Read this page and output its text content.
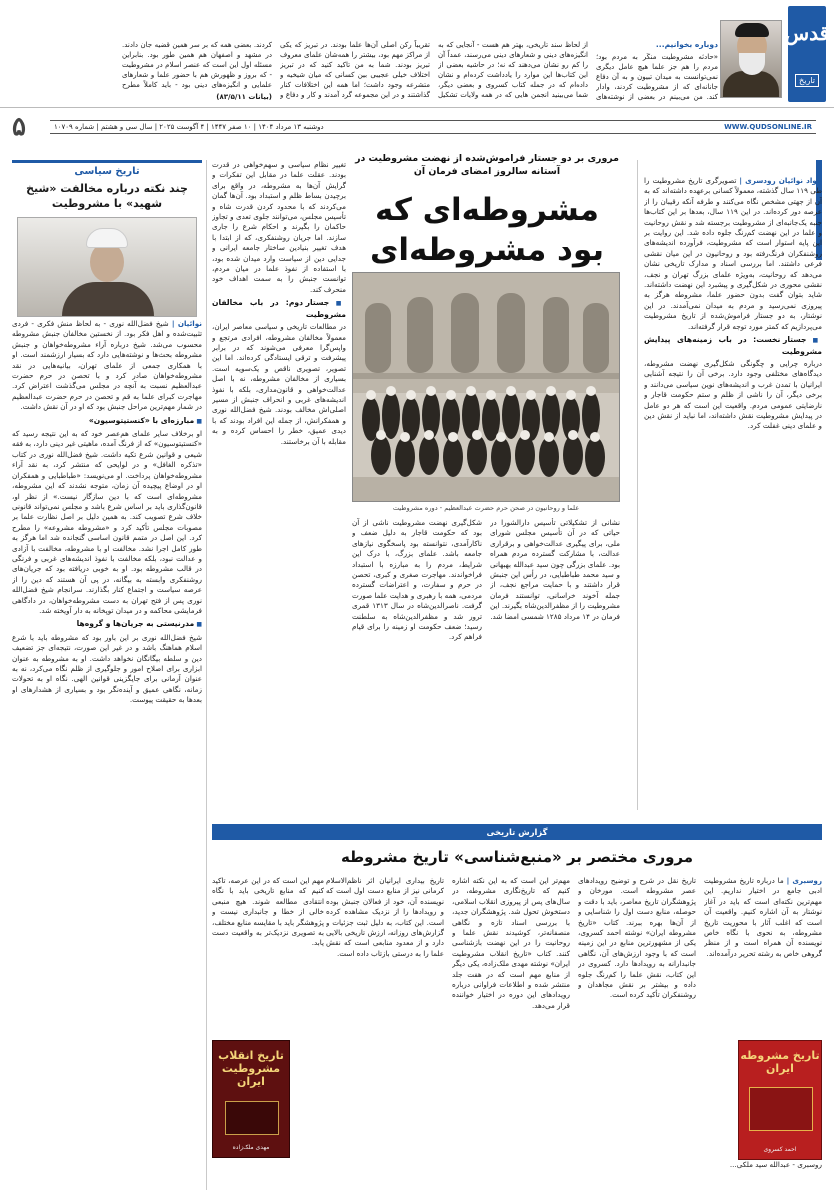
قدس
تاریخ
دوباره بخوانیم...
«حادثه مشروطیت منکَر به مردم بود؛ مردم را هم جز علما هیچ عامل دیگری نمی‌توانست به میدان تبیون و به آن دفاع جانانه‌ای که از مشروطیت کردند، وادار کند. من می‌بینم در بعضی از نوشته‌های
از لحاظ سند تاریخی، بهتر هم هست - آنجایی که به انگیزه‌های دینی و شعارهای دینی می‌رسند، عمداً آن را کم رو نشان می‌دهند که نه؛ در حاشیه بعضی از این کتاب‌ها این موارد را یادداشت کرده‌ام و نشان داده‌ام که در جمله کتاب کسروی و بعضی دیگر، شما می‌بینید انجمن هایی که در همه ولایات تشکیل
تقریباً رکن اصلی آن‌ها علما بودند. در تبریز که یکی از مراکز مهم بود، بیشتر را همه‌شان علمای معروف تبریز بودند. شما به من تاکید کنید که در تبریز اختلاف خیلی عجیبی بین کسانی که میان شیخیه و متشرعه وجود داشت؛ اما همه این اختلافات کنار گذاشتند و در این مجموعه گرد آمدند و کار و دفاع و
کردند. بعضی همه که بر سر همین قضیه جان دادند. در مشهد و اصفهان هم همین طور بود. بنابراین مسئله اول این است که عنصر اسلام در مشروطیت - که بروز و ظهورش هم با حضور علما و شعارهای علمایی و انگیزه‌های دینی بود - باید کاملاً مطرح
(بیانات ۸۳/۵/۱۱)
۵	WWW.QUDSONLINE.IR
دوشنبه ۱۳ مرداد ۱۴۰۴ | ۱۰ صفر ۱۴۴۷ | ۴ آگوست ۲۰۲۵ | سال سی و هشتم | شماره ۱۰۷۰۹
تاریخ سیاسی
چند نکته درباره مخالفت «شیخ شهید» با مشروطیت

نوائیان | شیخ فضل‌الله نوری - به لحاظ منش فکری - فردی تثبیت‌شده و اهل فکر بود. از نخستین مخالفان جنبش مشروطه محسوب می‌شد. شیخ درباره آراء مشروطه‌خواهان و جنبش مشروطه بحث‌ها و نوشته‌هایی دارد که بسیار ارزشمند است. او با همکاری جمعی از علمای تهران، بیانیه‌هایی در نقد مشروطه‌خواهان صادر کرد و با تحصن در حرم حضرت عبدالعظیم نسبت به آنچه در مجلس می‌گذشت اعتراض کرد. مهاجرت کبرای علما به قم و تحصن در حرم حضرت عبدالعظیم در شمار مهم‌ترین مراحل جنبش بود که او در آن نقش داشت.

■ مبارزه‌ای با «کنستیتوسیون»

او برخلاف سایر علمای هم‌عصر خود که به این نتیجه رسید که «کنستیتوسیون» که از فرنگ آمده، ماهیتی غیر دینی دارد، به فقه شیعی و قوانین شرع تکیه داشت. شیخ فضل‌الله نوری در کتاب «تذکره الغافل» و در لوایحی که منتشر کرد، به نقد آراء مشروطه‌خواهان پرداخت. او می‌نویسد: «طباطبایی و همفکران او در اوضاع پیچیده آن زمان، متوجه نشدند که این مشروطه، مشروطه‌ای است که با دین سازگار نیست.» از نظر او، قانون‌گذاری باید بر اساس شرع باشد و مجلس نمی‌تواند قانونی خلاف شرع تصویب کند. به همین دلیل بر اصل نظارت علما بر مصوبات مجلس تأکید کرد و «مشروطه مشروعه» را مطرح کرد. این اصل در متمم قانون اساسی گنجانده شد اما هرگز به طور کامل اجرا نشد. مخالفت او با مشروطه، مخالفت با آزادی و عدالت نبود، بلکه مخالفت با نفوذ اندیشه‌های غربی و فرنگی در قالب مشروطه بود. او به خوبی دریافته بود که جریان‌های روشنفکری وابسته به بیگانه، در پی آن هستند که دین را از عرصه سیاست و اجتماع کنار بگذارند. سرانجام شیخ فضل‌الله نوری پس از فتح تهران به دست مشروطه‌خواهان، در دادگاهی فرمایشی محاکمه و در میدان توپخانه به دار آویخته شد.

■ مدرنیستی به جریان‌ها و گروه‌ها

شیخ فضل‌الله نوری بر این باور بود که مشروطه باید با شرع اسلام هماهنگ باشد و در غیر این صورت، نتیجه‌ای جز تضعیف دین و سلطه بیگانگان نخواهد داشت. او به مشروطه به عنوان ابزاری برای اصلاح امور و جلوگیری از ظلم نگاه می‌کرد، نه به عنوان آرمانی برای جایگزینی قوانین الهی. نگاه او به تحولات زمانه، نگاهی عمیق و آینده‌نگر بود و بسیاری از هشدارهای او بعدها به حقیقت پیوست.

جواد نوائیان رودسری | تصویرگری تاریخ مشروطیت را طی ۱۱۹ سال گذشته، معمولاً کسانی برعهده داشته‌اند که به آن از جهتی مشخص نگاه می‌کنند و طرفه آنکه رقیبان را از عرصه دور کرده‌اند. در این ۱۱۹ سال، بعدها بر این کتاب‌ها جنبه یک‌جانبه‌ای از مشروطیت برجسته شد و نقش روحانیت و علما در این نهضت کم‌رنگ جلوه داده شد. این روایت بر این پایه استوار است که مشروطیت، فرآورده اندیشه‌های روشنفکران فرنگ‌رفته بود و روحانیون در این میان نقشی فرعی داشتند. اما بررسی اسناد و مدارک تاریخی نشان می‌دهد که روحانیت، به‌ویژه علمای بزرگ تهران و نجف، نقشی محوری در شکل‌گیری و پیشبرد این نهضت داشته‌اند. شاید بتوان گفت بدون حضور علما، مشروطه هرگز به پیروزی نمی‌رسید و مردم به میدان نمی‌آمدند. در این نوشتار، به دو جستار فراموش‌شده از تاریخ مشروطیت می‌پردازیم که کمتر مورد توجه قرار گرفته‌اند.

■ جستار نخست: در باب زمینه‌های پیدایش مشروطیت

درباره چرایی و چگونگی شکل‌گیری نهضت مشروطه، دیدگاه‌های مختلفی وجود دارد. برخی آن را نتیجه آشنایی ایرانیان با تمدن غرب و اندیشه‌های نوین سیاسی می‌دانند و برخی دیگر، آن را ناشی از ظلم و ستم حکومت قاجار و نارضایتی عمومی مردم. واقعیت این است که هر دو عامل در پیدایش مشروطیت نقش داشته‌اند، اما نباید از نقش دین و علمای دینی غفلت کرد.

مروری بر دو جستار فراموش‌شده از نهضت مشروطیت در آستانه سالروز امضای فرمان آن
مشروطه‌ای که بود مشروطه‌ای

تغییر نظام سیاسی و سهم‌خواهی در قدرت بودند. عقلت علما در مقابل این تفکرات و گرایش آن‌ها به مشروطه، در واقع برای برچیدن بساط ظلم و استبداد بود. آن‌ها گمان می‌کردند که با محدود کردن قدرت شاه و تأسیس مجلس، می‌توانند جلوی تعدی و تجاوز حاکمان را بگیرند و احکام شرع را جاری سازند. اما جریان روشنفکری، که از ابتدا با هدف تغییر بنیادین ساختار جامعه ایرانی و جدایی دین از سیاست وارد میدان شده بود، با استفاده از نفوذ علما در میان مردم، توانست جنبش را به سمت اهداف خود منحرف کند.

■ جستار دوم: در باب مخالفان مشروطیت

در مطالعات تاریخی و سیاسی معاصر ایران، معمولاً مخالفان مشروطه، افرادی مرتجع و واپس‌گرا معرفی می‌شوند که در برابر پیشرفت و ترقی ایستادگی کرده‌اند. اما این تصویر، تصویری ناقص و یک‌سویه است. بسیاری از مخالفان مشروطه، نه با اصل عدالت‌خواهی و قانون‌مداری، بلکه با نفوذ اندیشه‌های غربی و انحراف جنبش از مسیر اصلی‌اش مخالف بودند. شیخ فضل‌الله نوری و همفکرانش، از جمله این افراد بودند که با دیدی عمیق، خطر را احساس کرده و به مقابله با آن برخاستند.

علما و روحانیون در صحن حرم حضرت عبدالعظیم - دوره مشروطیت

شکل‌گیری نهضت مشروطیت ناشی از آن بود که حکومت قاجار به دلیل ضعف و ناکارآمدی، نتوانسته بود پاسخگوی نیازهای جامعه باشد. علمای بزرگ، با درک این شرایط، مردم را به مبارزه با استبداد فراخواندند. مهاجرت صغری و کبری، تحصن در حرم و سفارت، و اعتراضات گسترده مردمی، همه با رهبری و هدایت علما صورت گرفت. ناصرالدین‌شاه در سال ۱۳۱۳ قمری ترور شد و مظفرالدین‌شاه به سلطنت رسید؛ ضعف حکومت او زمینه را برای قیام فراهم کرد.

نشانی از تشکیلاتی تأسیس دارالشورا در حیاتی که در آن تأسیس مجلس شورای ملی، برای پیگیری عدالت‌خواهی و برقراری عدالت، با مشارکت گسترده مردم همراه بود. علمای بزرگی چون سید عبدالله بهبهانی و سید محمد طباطبایی، در رأس این جنبش قرار داشتند و با حمایت مراجع نجف، از جمله آخوند خراسانی، توانستند فرمان مشروطیت را از مظفرالدین‌شاه بگیرند. این فرمان در ۱۴ مرداد ۱۲۸۵ شمسی امضا شد.

گزارش تاریخی
مروری مختصر بر «منبع‌شناسی» تاریخ مشروطه

روسبری | ما درباره تاریخ مشروطیت ادبی جامع در اختیار نداریم. این مهم‌ترین نکته‌ای است که باید در آغاز نوشتار به آن اشاره کنیم. واقعیت آن است که اغلب آثار با محوریت تاریخ مشروطه، به نحوی با نگاه خاص نویسنده آن همراه است و از منظر گروهی خاص به رشته تحریر درآمده‌اند.

تاریخ نقل در شرح و توضیح رویدادهای عصر مشروطه است. مورخان و پژوهشگران تاریخ معاصر، باید با دقت و حوصله، منابع دست اول را شناسایی و از آن‌ها بهره ببرند. کتاب «تاریخ مشروطه ایران» نوشته احمد کسروی، یکی از مشهورترین منابع در این زمینه است که با وجود ارزش‌های آن، نگاهی جانبدارانه به رویدادها دارد. کسروی در این کتاب، نقش علما را کم‌رنگ جلوه داده و بیشتر بر نقش مجاهدان و روشنفکران تأکید کرده است.

مهم‌تر این است که به این نکته اشاره کنیم که تاریخ‌نگاری مشروطه، در سال‌های پس از پیروزی انقلاب اسلامی، دستخوش تحول شد. پژوهشگران جدید، با بررسی اسناد تازه و نگاهی منصفانه‌تر، کوشیدند نقش علما و روحانیت را در این نهضت بازشناسی کنند. کتاب «تاریخ انقلاب مشروطیت ایران» نوشته مهدی ملک‌زاده، یکی دیگر از منابع مهم است که در هفت جلد منتشر شده و اطلاعات فراوانی درباره رویدادهای این دوره در اختیار خواننده قرار می‌دهد.

تاریخ بیداری ایرانیان اثر ناظم‌الاسلام کرمانی نیز از منابع دست اول است که نویسنده آن، خود از فعالان جنبش بوده و رویدادها را از نزدیک مشاهده کرده است. این کتاب، به دلیل ثبت جزئیات و گزارش‌های روزانه، ارزش تاریخی بالایی دارد و از معدود منابعی است که نقش علما را به درستی بازتاب داده است.

مهم این است که در این عرصه، تاکید کنیم که منابع تاریخی باید با نگاه انتقادی مطالعه شوند. هیچ منبعی خالی از خطا و جانبداری نیست و پژوهشگر باید با مقایسه منابع مختلف، به تصویری نزدیک‌تر به واقعیت دست یابد.

روسبری - عبدالله سید ملکی...

تاریخ مشروطه ایران
احمد کسروی
تاریخ انقلاب مشروطیت ایران
مهدی ملک‌زاده
